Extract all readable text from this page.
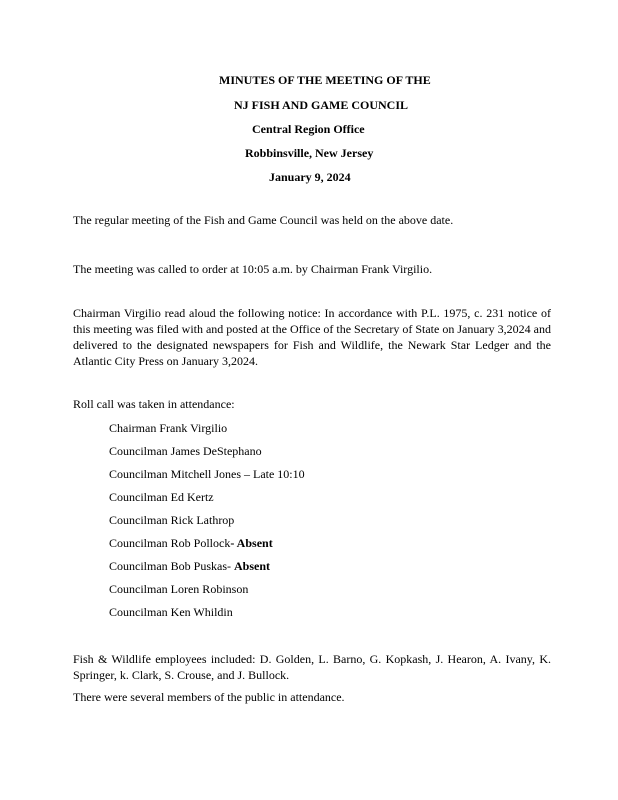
MINUTES OF THE MEETING OF THE
NJ FISH AND GAME COUNCIL
Central Region Office
Robbinsville, New Jersey
January 9, 2024
The regular meeting of the Fish and Game Council was held on the above date.
The meeting was called to order at 10:05 a.m. by Chairman Frank Virgilio.
Chairman Virgilio read aloud the following notice: In accordance with P.L. 1975, c. 231 notice of this meeting was filed with and posted at the Office of the Secretary of State on January 3,2024 and delivered to the designated newspapers for Fish and Wildlife, the Newark Star Ledger and the Atlantic City Press on January 3,2024.
Roll call was taken in attendance:
Chairman Frank Virgilio
Councilman James DeStephano
Councilman Mitchell Jones – Late 10:10
Councilman Ed Kertz
Councilman Rick Lathrop
Councilman Rob Pollock- Absent
Councilman Bob Puskas- Absent
Councilman Loren Robinson
Councilman Ken Whildin
Fish & Wildlife employees included: D. Golden, L. Barno, G. Kopkash, J. Hearon, A. Ivany, K. Springer, k. Clark, S. Crouse, and J. Bullock.
There were several members of the public in attendance.
